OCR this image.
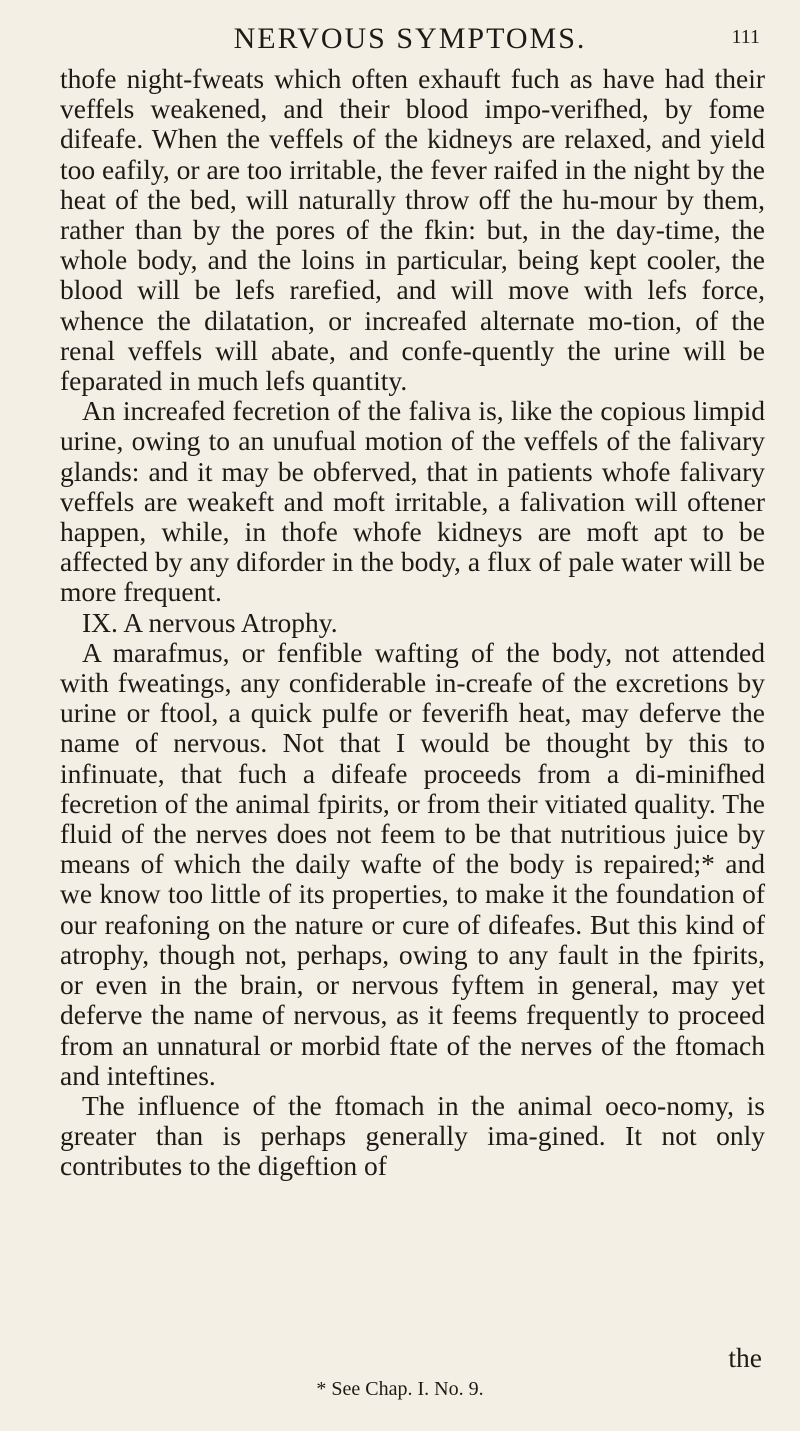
NERVOUS SYMPTOMS.	111

thofe night-fweats which often exhauft fuch as have had their veffels weakened, and their blood impo-verifhed, by fome difeafe. When the veffels of the kidneys are relaxed, and yield too eafily, or are too irritable, the fever raifed in the night by the heat of the bed, will naturally throw off the hu-mour by them, rather than by the pores of the fkin: but, in the day-time, the whole body, and the loins in particular, being kept cooler, the blood will be lefs rarefied, and will move with lefs force, whence the dilatation, or increafed alternate mo-tion, of the renal veffels will abate, and confe-quently the urine will be feparated in much lefs quantity.

An increafed fecretion of the faliva is, like the copious limpid urine, owing to an unufual motion of the veffels of the falivary glands: and it may be obferved, that in patients whofe falivary veffels are weakeft and moft irritable, a falivation will oftener happen, while, in thofe whofe kidneys are moft apt to be affected by any diforder in the body, a flux of pale water will be more frequent.

IX. A nervous Atrophy.

A marafmus, or fenfible wafting of the body, not attended with fweatings, any confiderable in-creafe of the excretions by urine or ftool, a quick pulfe or feverifh heat, may deferve the name of nervous. Not that I would be thought by this to infinuate, that fuch a difeafe proceeds from a di-minifhed fecretion of the animal fpirits, or from their vitiated quality. The fluid of the nerves does not feem to be that nutritious juice by means of which the daily wafte of the body is repaired;* and we know too little of its properties, to make it the foundation of our reafoning on the nature or cure of difeafes. But this kind of atrophy, though not, perhaps, owing to any fault in the fpirits, or even in the brain, or nervous fyftem in general, may yet deferve the name of nervous, as it feems frequently to proceed from an unnatural or morbid ftate of the nerves of the ftomach and inteftines.

The influence of the ftomach in the animal oeco-nomy, is greater than is perhaps generally ima-gined. It not only contributes to the digeftion of

the
* See Chap. I. No. 9.
